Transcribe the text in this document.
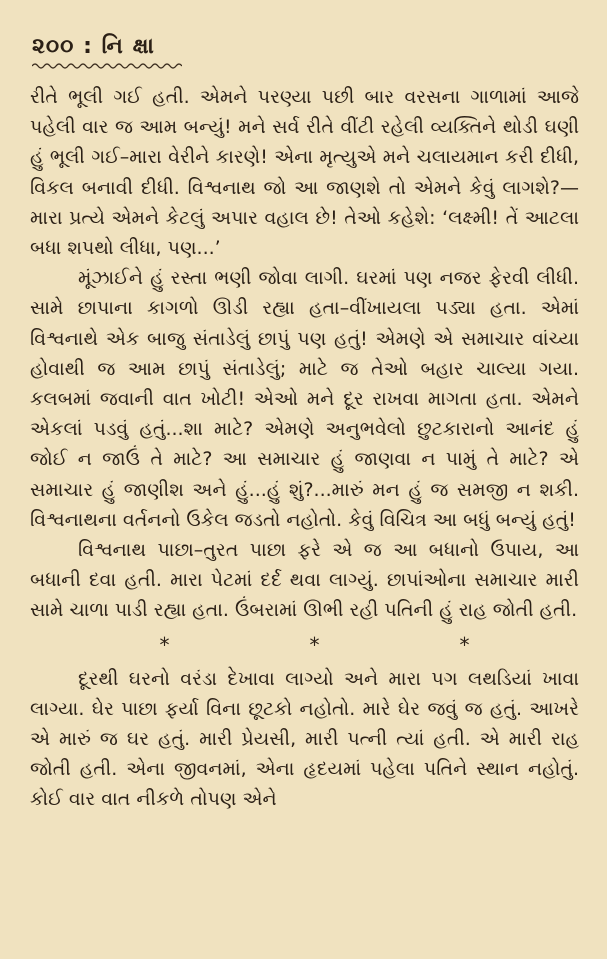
૨૦૦ : નિ ક્ષા

રીતે ભૂલી ગઈ હતી. એમને પરણ્યા પછી બાર વરસના ગાળામાં આજે પહેલી વાર જ આમ બન્યું! મને સર્વ રીતે વીંટી રહેલી વ્યક્તિને થોડી ઘણી હું ભૂલી ગઈ–મારા વેરીને કારણે! એના મૃત્યુએ મને ચલાયમાન કરી દીધી, વિકલ બનાવી દીધી. વિશ્વનાથ જો આ જાણશે તો એમને કેવું લાગશે?—મારા પ્રત્યે એમને કેટલું અપાર વહાલ છે! તેઓ કહેશે: ‘લક્ષ્મી! તેં આટલા બધા શપથો લીધા, પણ...’

મૂંઝાઈને હું રસ્તા ભણી જોવા લાગી. ઘરમાં પણ નજર ફેરવી લીધી. સામે છાપાના કાગળો ઊડી રહ્યા હતા–વીંખાયલા પડ્યા હતા. એમાં વિશ્વનાથે એક બાજુ સંતાડેલું છાપું પણ હતું! એમણે એ સમાચાર વાંચ્યા હોવાથી જ આમ છાપું સંતાડેલું; માટે જ તેઓ બહાર ચાલ્યા ગયા. કલબમાં જવાની વાત ખોટી! એઓ મને દૂર રાખવા માગતા હતા. એમને એકલાં પડવું હતું...શા માટે? એમણે અનુભવેલો છુટકારાનો આનંદ હું જોઈ ન જાઉં તે માટે? આ સમાચાર હું જાણવા ન પામું તે માટે? એ સમાચાર હું જાણીશ અને હું...હું શું?...મારું મન હું જ સમજી ન શકી. વિશ્વનાથના વર્તનનો ઉકેલ જડતો નહોતો. કેવું વિચિત્ર આ બધું બન્યું હતું!

વિશ્વનાથ પાછા–તુરત પાછા ફરે એ જ આ બધાનો ઉપાય, આ બધાની દવા હતી. મારા પેટમાં દર્દ થવા લાગ્યું. છાપાંઓના સમાચાર મારી સામે ચાળા પાડી રહ્યા હતા. ઉંબરામાં ઊભી રહી પતિની હું રાહ જોતી હતી.

*	*	*

દૂરથી ઘરનો વરંડા દેખાવા લાગ્યો અને મારા પગ લથડિયાં ખાવા લાગ્યા. ઘેર પાછા ફર્યા વિના છૂટકો નહોતો. મારે ઘેર જવું જ હતું. આખરે એ મારું જ ઘર હતું. મારી પ્રેયસી, મારી પત્ની ત્યાં હતી. એ મારી રાહ જોતી હતી. એના જીવનમાં, એના હૃદયમાં પહેલા પતિને સ્થાન નહોતું. કોઈ વાર વાત નીકળે તોપણ એને
